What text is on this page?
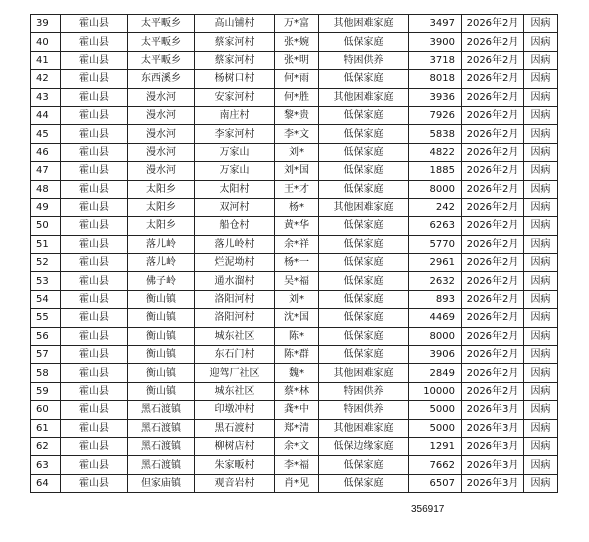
39	霍山县	太平畈乡	高山铺村	万*富	其他困难家庭	3497	2026年2月	因病
40	霍山县	太平畈乡	蔡家河村	张*婉	低保家庭	3900	2026年2月	因病
41	霍山县	太平畈乡	蔡家河村	张*明	特困供养	3718	2026年2月	因病
42	霍山县	东西溪乡	杨树口村	何*雨	低保家庭	8018	2026年2月	因病
43	霍山县	漫水河	安家河村	何*胜	其他困难家庭	3936	2026年2月	因病
44	霍山县	漫水河	南庄村	黎*贵	低保家庭	7926	2026年2月	因病
45	霍山县	漫水河	李家河村	李*文	低保家庭	5838	2026年2月	因病
46	霍山县	漫水河	万家山	刘*	低保家庭	4822	2026年2月	因病
47	霍山县	漫水河	万家山	刘*国	低保家庭	1885	2026年2月	因病
48	霍山县	太阳乡	太阳村	王*才	低保家庭	8000	2026年2月	因病
49	霍山县	太阳乡	双河村	杨*	其他困难家庭	242	2026年2月	因病
50	霍山县	太阳乡	船仓村	黄*华	低保家庭	6263	2026年2月	因病
51	霍山县	落儿岭	落儿岭村	余*祥	低保家庭	5770	2026年2月	因病
52	霍山县	落儿岭	烂泥坳村	杨*一	低保家庭	2961	2026年2月	因病
53	霍山县	佛子岭	通水溜村	吴*福	低保家庭	2632	2026年2月	因病
54	霍山县	衡山镇	洛阳河村	刘*	低保家庭	893	2026年2月	因病
55	霍山县	衡山镇	洛阳河村	沈*国	低保家庭	4469	2026年2月	因病
56	霍山县	衡山镇	城东社区	陈*	低保家庭	8000	2026年2月	因病
57	霍山县	衡山镇	东石门村	陈*群	低保家庭	3906	2026年2月	因病
58	霍山县	衡山镇	迎驾厂社区	魏*	其他困难家庭	2849	2026年2月	因病
59	霍山县	衡山镇	城东社区	蔡*林	特困供养	10000	2026年2月	因病
60	霍山县	黑石渡镇	印墩冲村	龚*中	特困供养	5000	2026年3月	因病
61	霍山县	黑石渡镇	黑石渡村	郑*清	其他困难家庭	5000	2026年3月	因病
62	霍山县	黑石渡镇	柳树店村	余*文	低保边缘家庭	1291	2026年3月	因病
63	霍山县	黑石渡镇	朱家畈村	李*福	低保家庭	7662	2026年3月	因病
64	霍山县	但家庙镇	观音岩村	肖*见	低保家庭	6507	2026年3月	因病
356917
